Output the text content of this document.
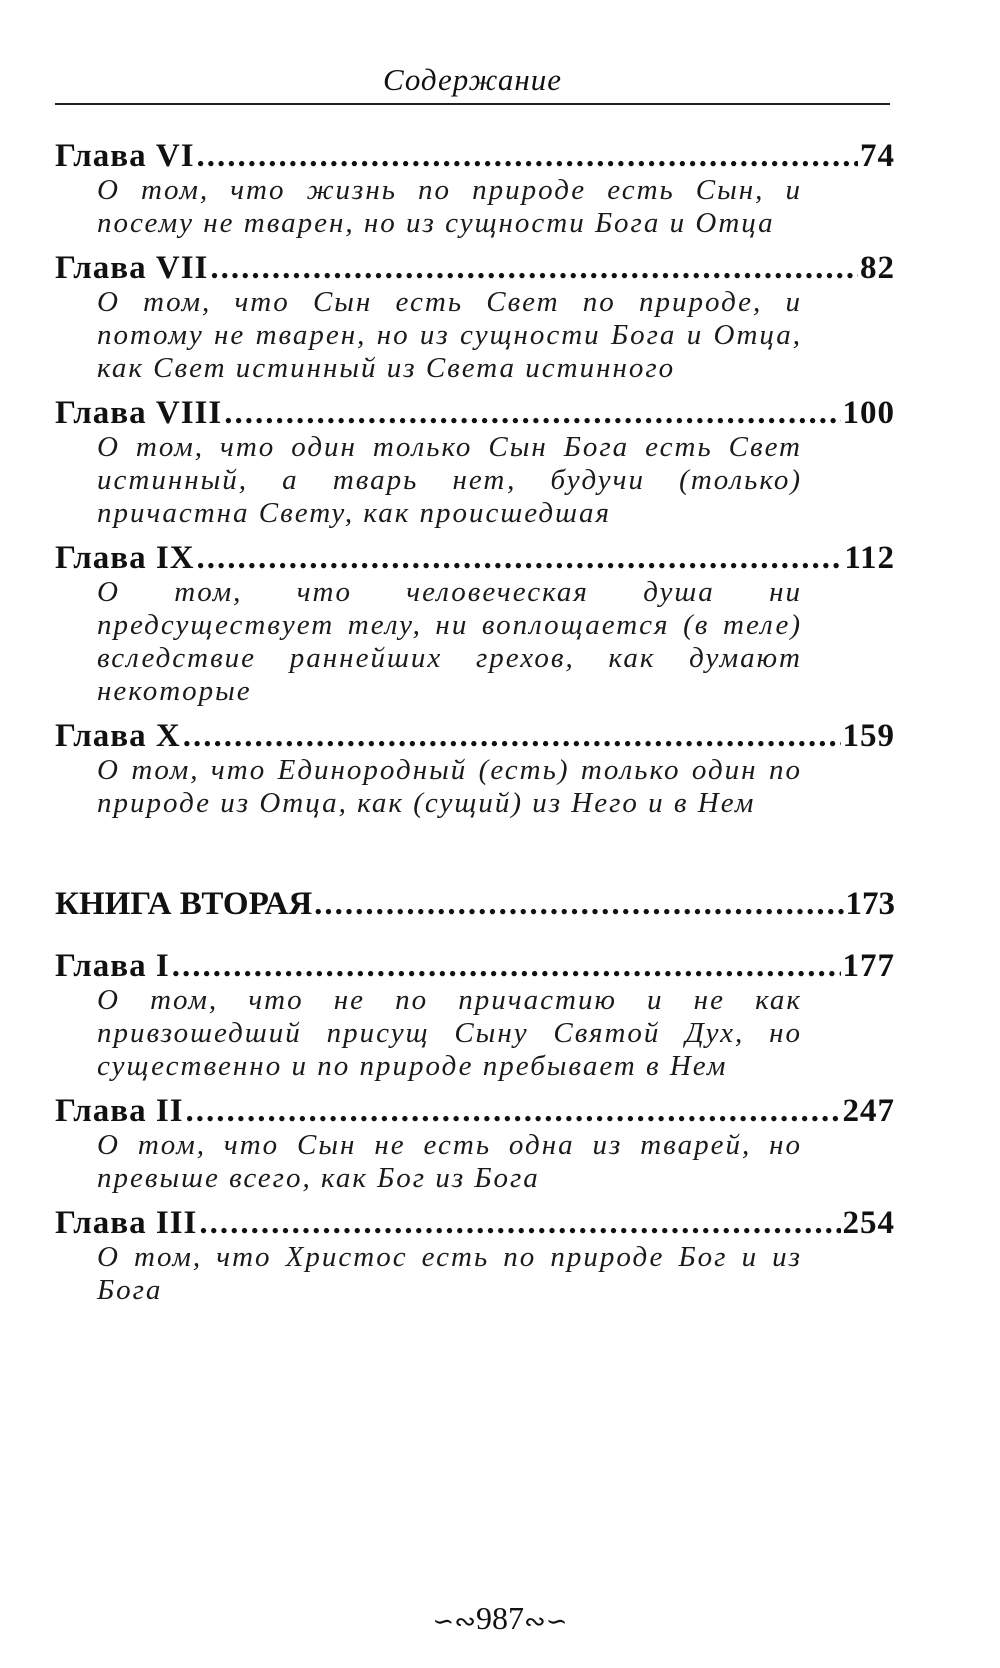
Содержание
Глава VI .....	74
О том, что жизнь по природе есть Сын, и посему не тварен, но из сущности Бога и Отца
Глава VII .....	82
О том, что Сын есть Свет по природе, и потому не тварен, но из сущности Бога и Отца, как Свет истинный из Света истинного
Глава VIII .....	100
О том, что один только Сын Бога есть Свет истинный, а тварь нет, будучи (только) причастна Свету, как происшедшая
Глава IX .....	112
О том, что человеческая душа ни предсуществует телу, ни воплощается (в теле) вследствие раннейших грехов, как думают некоторые
Глава X .....	159
О том, что Единородный (есть) только один по природе из Отца, как (сущий) из Него и в Нем
КНИГА ВТОРАЯ .....	173
Глава I .....	177
О том, что не по причастию и не как привзошедший присущ Сыну Святой Дух, но существенно и по природе пребывает в Нем
Глава II .....	247
О том, что Сын не есть одна из тварей, но превыше всего, как Бог из Бога
Глава III .....	254
О том, что Христос есть по природе Бог и из Бога
∽∾987∾∽
